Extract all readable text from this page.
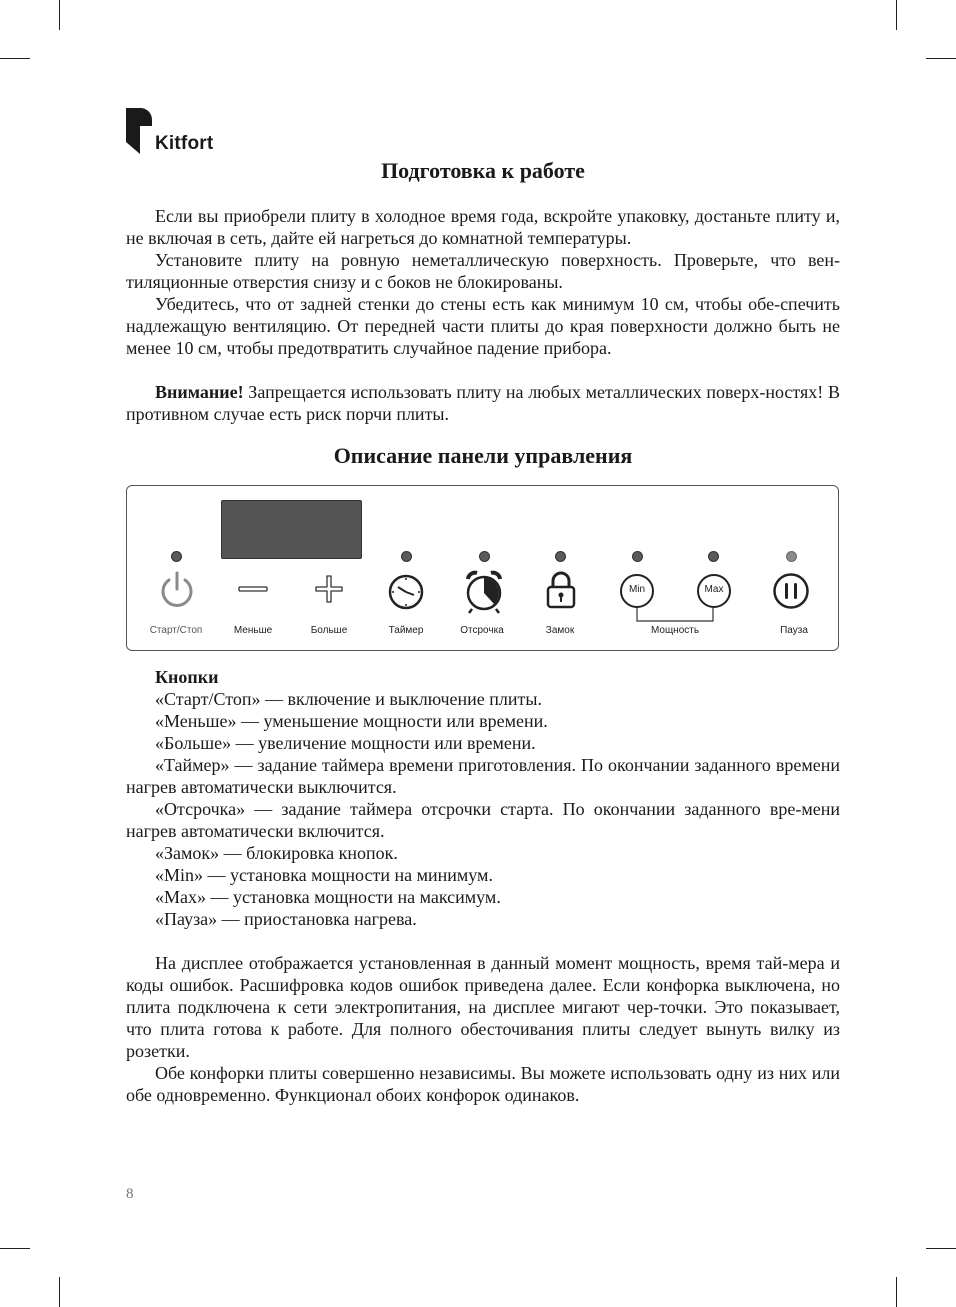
Kitfort
Подготовка к работе

Если вы приобрели плиту в холодное время года, вскройте упаковку, достаньте плиту и, не включая в сеть, дайте ей нагреться до комнатной температуры.

Установите плиту на ровную неметаллическую поверхность. Проверьте, что вен-тиляционные отверстия снизу и с боков не блокированы.

Убедитесь, что от задней стенки до стены есть как минимум 10 см, чтобы обе-спечить надлежащую вентиляцию. От передней части плиты до края поверхности должно быть не менее 10 см, чтобы предотвратить случайное падение прибора.

Внимание! Запрещается использовать плиту на любых металлических поверх-ностях! В противном случае есть риск порчи плиты.

Описание панели управления
Min	Max
Старт/Стоп	Меньше	Больше	Таймер	Отсрочка	Замок	Мощность	Пауза

Кнопки

«Старт/Стоп» — включение и выключение плиты.

«Меньше» — уменьшение мощности или времени.

«Больше» — увеличение мощности или времени.

«Таймер» — задание таймера времени приготовления. По окончании заданного времени нагрев автоматически выключится.

«Отсрочка» — задание таймера отсрочки старта. По окончании заданного вре-мени нагрев автоматически включится.

«Замок» — блокировка кнопок.

«Min» — установка мощности на минимум.

«Max» — установка мощности на максимум.

«Пауза» — приостановка нагрева.

На дисплее отображается установленная в данный момент мощность, время тай-мера и коды ошибок. Расшифровка кодов ошибок приведена далее. Если конфорка выключена, но плита подключена к сети электропитания, на дисплее мигают чер-точки. Это показывает, что плита готова к работе. Для полного обесточивания плиты следует вынуть вилку из розетки.

Обе конфорки плиты совершенно независимы. Вы можете использовать одну из них или обе одновременно. Функционал обоих конфорок одинаков.

8
